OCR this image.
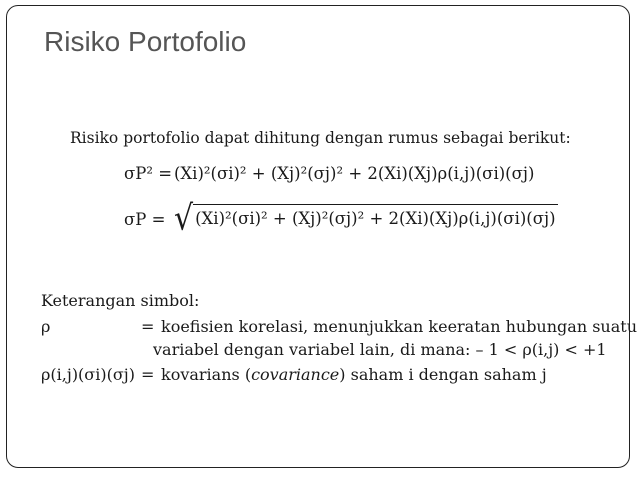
Risiko Portofolio
Risiko portofolio dapat dihitung dengan rumus sebagai berikut:
σP² = (Xi)²(σi)² + (Xj)²(σj)² + 2(Xi)(Xj)ρ(i,j)(σi)(σj)
σP = √ (Xi)²(σi)² + (Xj)²(σj)² + 2(Xi)(Xj)ρ(i,j)(σi)(σj)
Keterangan simbol:
ρ	= koefisien korelasi, menunjukkan keeratan hubungan suatu
variabel dengan variabel lain, di mana: – 1 < ρ(i,j) < +1
ρ(i,j)(σi)(σj) = kovarians (covariance) saham i dengan saham j
